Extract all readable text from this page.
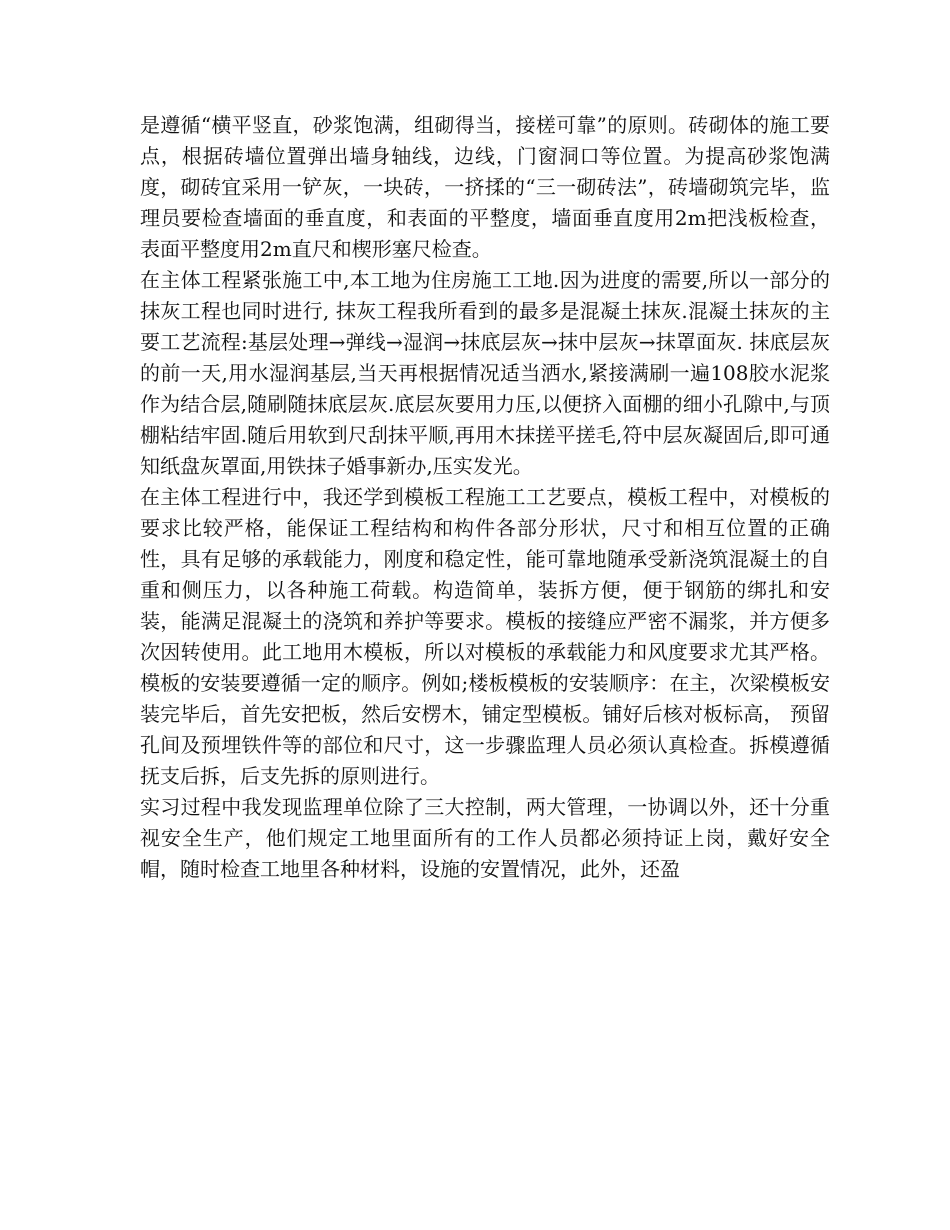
是遵循“横平竖直，砂浆饱满，组砌得当，接槎可靠”的原则。砖砌体的施工要点，根据砖墙位置弹出墙身轴线，边线，门窗洞口等位置。为提高砂浆饱满度，砌砖宜采用一铲灰，一块砖，一挤揉的“三一砌砖法”，砖墙砌筑完毕，监理员要检查墙面的垂直度，和表面的平整度，墙面垂直度用2m把浅板检查，表面平整度用2m直尺和楔形塞尺检查。

在主体工程紧张施工中,本工地为住房施工工地.因为进度的需要,所以一部分的抹灰工程也同时进行, 抹灰工程我所看到的最多是混凝土抹灰.混凝土抹灰的主要工艺流程:基层处理→弹线→湿润→抹底层灰→抹中层灰→抹罩面灰. 抹底层灰的前一天,用水湿润基层,当天再根据情况适当洒水,紧接满刷一遍108胶水泥浆作为结合层,随刷随抹底层灰.底层灰要用力压,以便挤入面棚的细小孔隙中,与顶棚粘结牢固.随后用软到尺刮抹平顺,再用木抹搓平搓毛,符中层灰凝固后,即可通知纸盘灰罩面,用铁抹子婚事新办,压实发光。

在主体工程进行中，我还学到模板工程施工工艺要点，模板工程中，对模板的要求比较严格，能保证工程结构和构件各部分形状，尺寸和相互位置的正确性，具有足够的承载能力，刚度和稳定性，能可靠地随承受新浇筑混凝土的自重和侧压力，以各种施工荷载。构造简单，装拆方便，便于钢筋的绑扎和安装，能满足混凝土的浇筑和养护等要求。模板的接缝应严密不漏浆，并方便多次因转使用。此工地用木模板，所以对模板的承载能力和风度要求尤其严格。模板的安装要遵循一定的顺序。例如;楼板模板的安装顺序：在主，次梁模板安装完毕后，首先安把板，然后安楞木，铺定型模板。铺好后核对板标高， 预留孔间及预埋铁件等的部位和尺寸，这一步骤监理人员必须认真检查。拆模遵循抚支后拆，后支先拆的原则进行。

实习过程中我发现监理单位除了三大控制，两大管理，一协调以外，还十分重视安全生产，他们规定工地里面所有的工作人员都必须持证上岗，戴好安全帽，随时检查工地里各种材料，设施的安置情况，此外，还盈
